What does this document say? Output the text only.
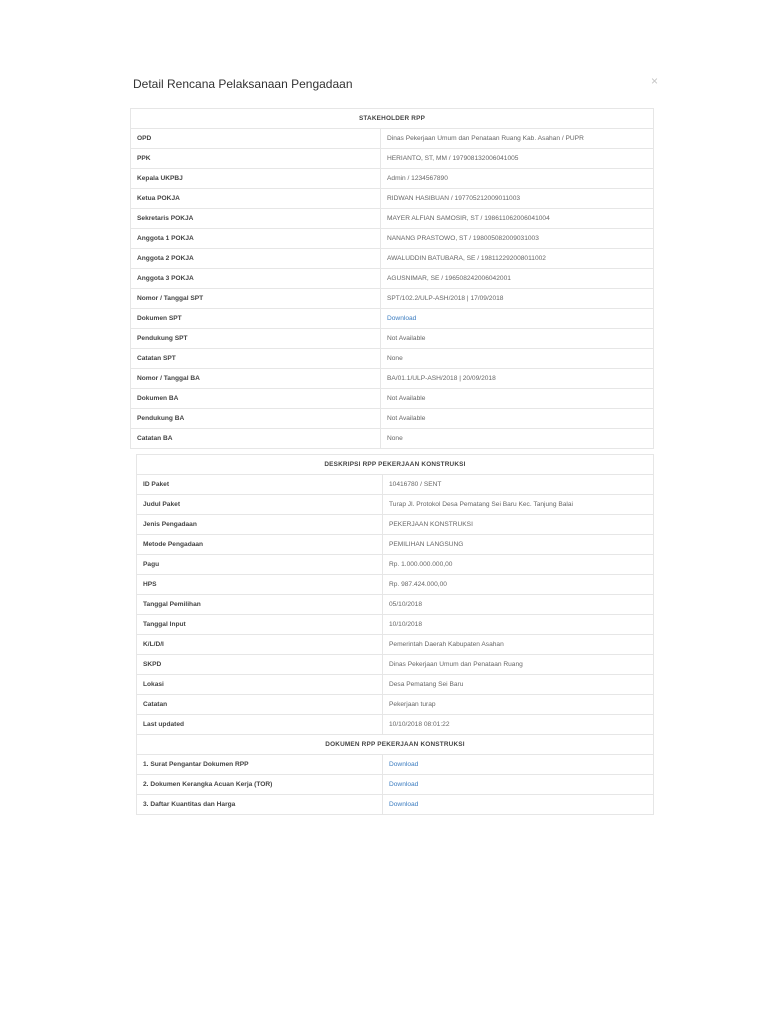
Detail Rencana Pelaksanaan Pengadaan	×
STAKEHOLDER RPP	
OPD	Dinas Pekerjaan Umum dan Penataan Ruang Kab. Asahan / PUPR
PPK	HERIANTO, ST, MM / 197908132006041005
Kepala UKPBJ	Admin / 1234567890
Ketua POKJA	RIDWAN HASIBUAN / 197705212009011003
Sekretaris POKJA	MAYER ALFIAN SAMOSIR, ST / 198611062006041004
Anggota 1 POKJA	NANANG PRASTOWO, ST / 198005082009031003
Anggota 2 POKJA	AWALUDDIN BATUBARA, SE / 198112292008011002
Anggota 3 POKJA	AGUSNIMAR, SE / 196508242006042001
Nomor / Tanggal SPT	SPT/102.2/ULP-ASH/2018 | 17/09/2018
Dokumen SPT	Download
Pendukung SPT	Not Available
Catatan SPT	None
Nomor / Tanggal BA	BA/01.1/ULP-ASH/2018 | 20/09/2018
Dokumen BA	Not Available
Pendukung BA	Not Available
Catatan BA	None
DESKRIPSI RPP PEKERJAAN KONSTRUKSI	
ID Paket	10416780 / SENT
Judul Paket	Turap Jl. Protokol Desa Pematang Sei Baru Kec. Tanjung Balai
Jenis Pengadaan	PEKERJAAN KONSTRUKSI
Metode Pengadaan	PEMILIHAN LANGSUNG
Pagu	Rp. 1.000.000.000,00
HPS	Rp. 987.424.000,00
Tanggal Pemilihan	05/10/2018
Tanggal Input	10/10/2018
K/L/D/I	Pemerintah Daerah Kabupaten Asahan
SKPD	Dinas Pekerjaan Umum dan Penataan Ruang
Lokasi	Desa Pematang Sei Baru
Catatan	Pekerjaan turap
Last updated	10/10/2018 08:01:22
DOKUMEN RPP PEKERJAAN KONSTRUKSI	
1. Surat Pengantar Dokumen RPP	Download
2. Dokumen Kerangka Acuan Kerja (TOR)	Download
3. Daftar Kuantitas dan Harga	Download
